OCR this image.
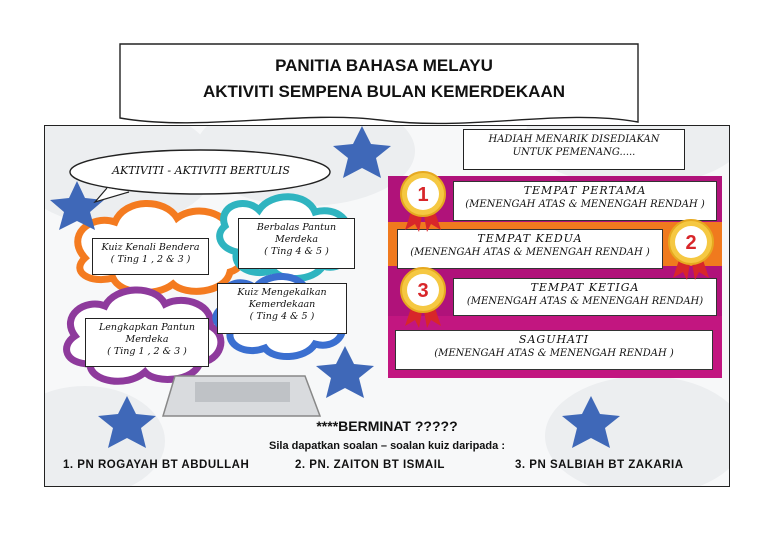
PANITIA BAHASA MELAYU
AKTIVITI SEMPENA BULAN KEMERDEKAAN
AKTIVITI - AKTIVITI BERTULIS
Kuiz Kenali Bendera
( Ting 1 , 2 & 3 )
Berbalas Pantun
Merdeka
( Ting 4 & 5 )
Kuiz Mengekalkan
Kemerdekaan
( Ting 4 & 5 )
Lengkapkan Pantun
Merdeka
( Ting 1 , 2 & 3 )
HADIAH MENARIK DISEDIAKAN
UNTUK PEMENANG.....
TEMPAT PERTAMA
(MENENGAH ATAS & MENENGAH RENDAH )
TEMPAT KEDUA
(MENENGAH ATAS & MENENGAH RENDAH )
TEMPAT KETIGA
(MENENGAH ATAS & MENENGAH RENDAH)
SAGUHATI
(MENENGAH ATAS & MENENGAH RENDAH )
1
2
3
****BERMINAT ?????
Sila dapatkan soalan – soalan kuiz daripada :
1. PN ROGAYAH BT ABDULLAH	2. PN. ZAITON BT ISMAIL	3. PN SALBIAH BT ZAKARIA
